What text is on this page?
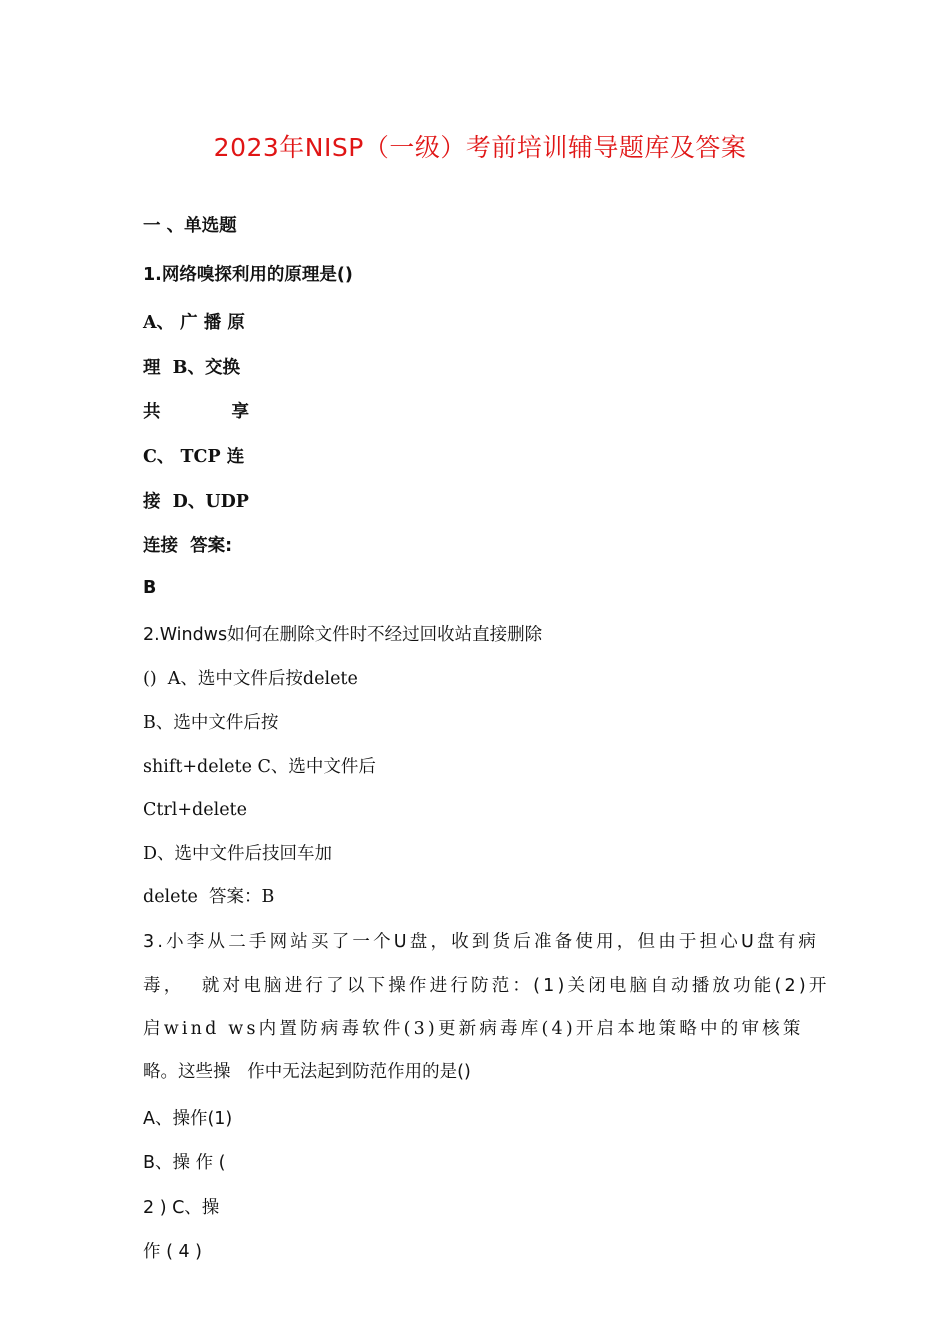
2023年NISP（一级）考前培训辅导题库及答案
一 、单选题
1.网络嗅探利用的原理是()
A、 广 播 原
理  B、交换
共	享
C、 TCP 连
接  D、UDP
连接  答案:
B
2.Windws如何在删除文件时不经过回收站直接删除
()  A、选中文件后按delete
B、选中文件后按
shift+delete C、选中文件后
Ctrl+delete
D、选中文件后技回车加
delete  答案：B
3.小李从二手网站买了一个U盘，收到货后准备使用，但由于担心U盘有病
毒，  就对电脑进行了以下操作进行防范：(1)关闭电脑自动播放功能(2)开
启wind ws内置防病毒软件(3)更新病毒库(4)开启本地策略中的审核策
略。这些操   作中无法起到防范作用的是()
A、操作(1)
B、操 作 (
2 ) C、操
作 ( 4 )
